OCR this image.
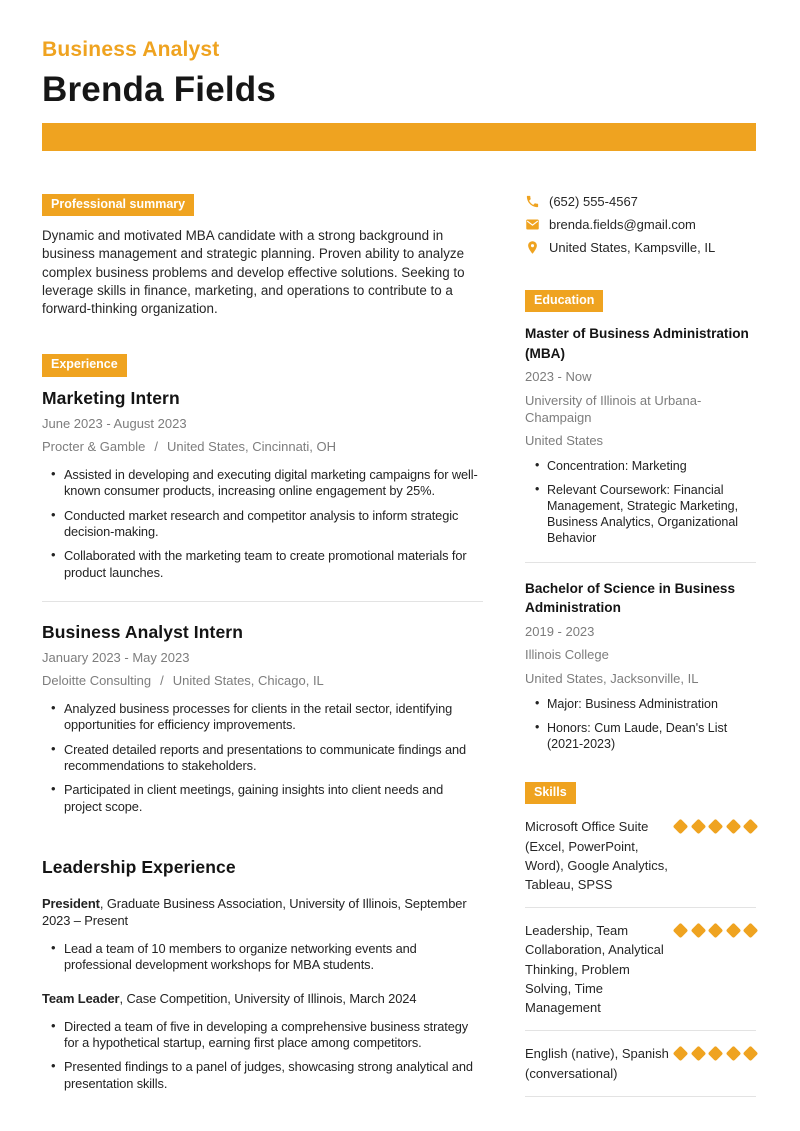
Business Analyst
Brenda Fields
Professional summary

Dynamic and motivated MBA candidate with a strong background in business management and strategic planning. Proven ability to analyze complex business problems and develop effective solutions. Seeking to leverage skills in finance, marketing, and operations to contribute to a forward-thinking organization.

Experience
Marketing Intern
June 2023 - August 2023
Procter & Gamble / United States, Cincinnati, OH
• Assisted in developing and executing digital marketing campaigns for well-known consumer products, increasing online engagement by 25%.
• Conducted market research and competitor analysis to inform strategic decision-making.
• Collaborated with the marketing team to create promotional materials for product launches.
Business Analyst Intern
January 2023 - May 2023
Deloitte Consulting / United States, Chicago, IL
• Analyzed business processes for clients in the retail sector, identifying opportunities for efficiency improvements.
• Created detailed reports and presentations to communicate findings and recommendations to stakeholders.
• Participated in client meetings, gaining insights into client needs and project scope.
Leadership Experience

President, Graduate Business Association, University of Illinois, September 2023 – Present

• Lead a team of 10 members to organize networking events and professional development workshops for MBA students.

Team Leader, Case Competition, University of Illinois, March 2024

• Directed a team of five in developing a comprehensive business strategy for a hypothetical startup, earning first place among competitors.
• Presented findings to a panel of judges, showcasing strong analytical and presentation skills.
(652) 555-4567
brenda.fields@gmail.com
United States, Kampsville, IL
Education
Master of Business Administration (MBA)
2023 - Now
University of Illinois at Urbana-Champaign
United States
• Concentration: Marketing
• Relevant Coursework: Financial Management, Strategic Marketing, Business Analytics, Organizational Behavior
Bachelor of Science in Business Administration
2019 - 2023
Illinois College
United States, Jacksonville, IL
• Major: Business Administration
• Honors: Cum Laude, Dean's List (2021-2023)
Skills
Microsoft Office Suite (Excel, PowerPoint, Word), Google Analytics, Tableau, SPSS
Leadership, Team Collaboration, Analytical Thinking, Problem Solving, Time Management
English (native), Spanish (conversational)
